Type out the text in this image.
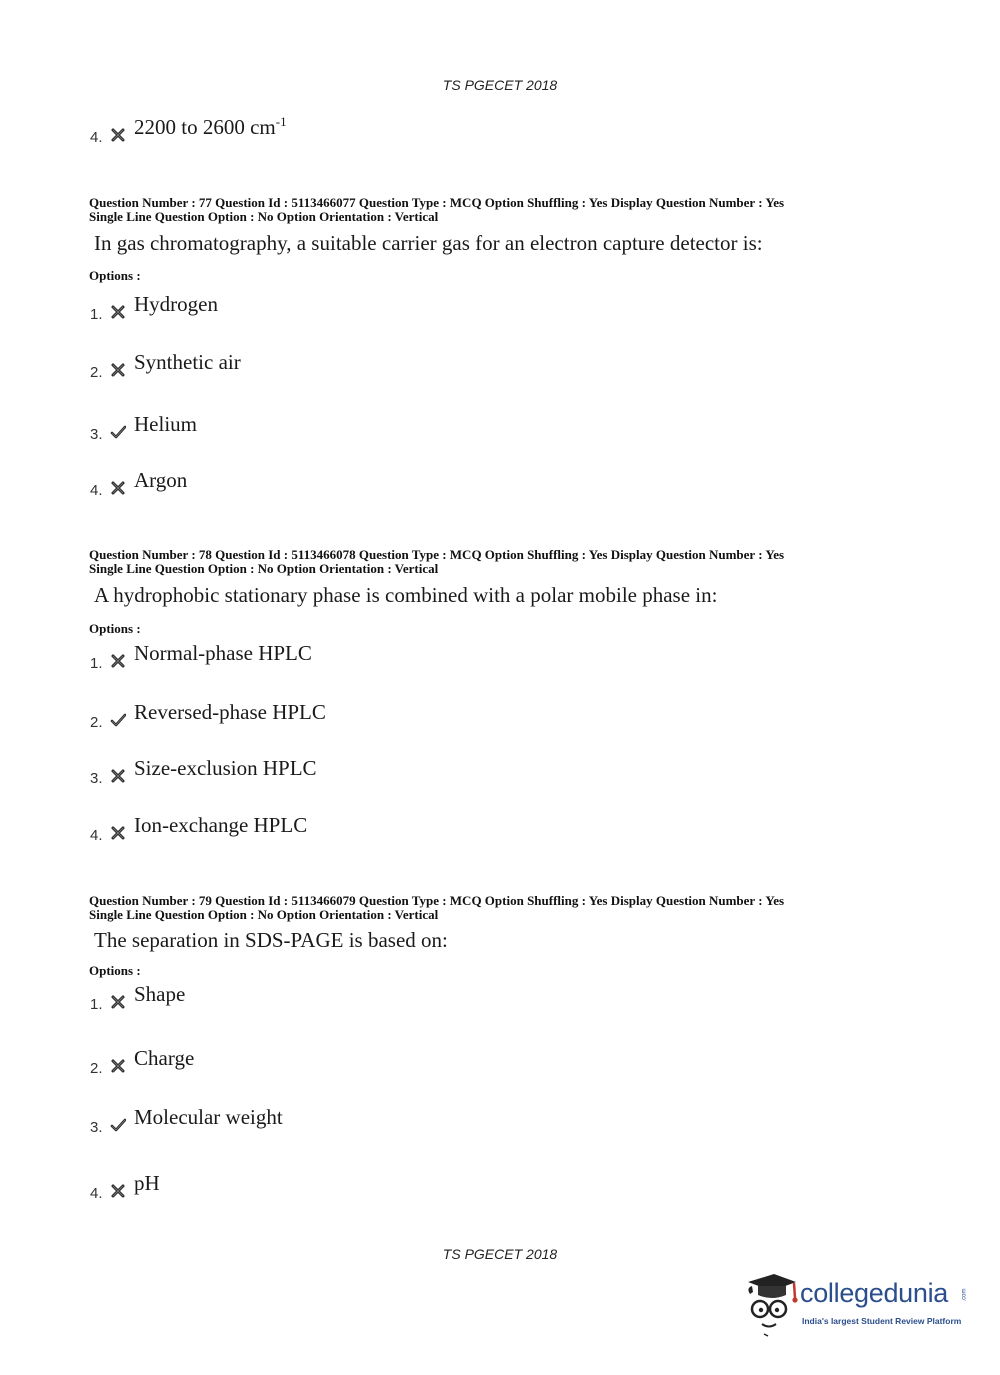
TS PGECET 2018
4. 2200 to 2600 $cm^{-1}$
Question Number : 77 Question Id : 5113466077 Question Type : MCQ Option Shuffling : Yes Display Question Number : Yes
Single Line Question Option : No Option Orientation : Vertical
In gas chromatography, a suitable carrier gas for an electron capture detector is:
Options :
1. Hydrogen
2. Synthetic air
3. Helium
4. Argon
Question Number : 78 Question Id : 5113466078 Question Type : MCQ Option Shuffling : Yes Display Question Number : Yes
Single Line Question Option : No Option Orientation : Vertical
A hydrophobic stationary phase is combined with a polar mobile phase in:
Options :
1. Normal-phase HPLC
2. Reversed-phase HPLC
3. Size-exclusion HPLC
4. Ion-exchange HPLC
Question Number : 79 Question Id : 5113466079 Question Type : MCQ Option Shuffling : Yes Display Question Number : Yes
Single Line Question Option : No Option Orientation : Vertical
The separation in SDS-PAGE is based on:
Options :
1. Shape
2. Charge
3. Molecular weight
4. pH
TS PGECET 2018
collegedunia .com
India's largest Student Review Platform
